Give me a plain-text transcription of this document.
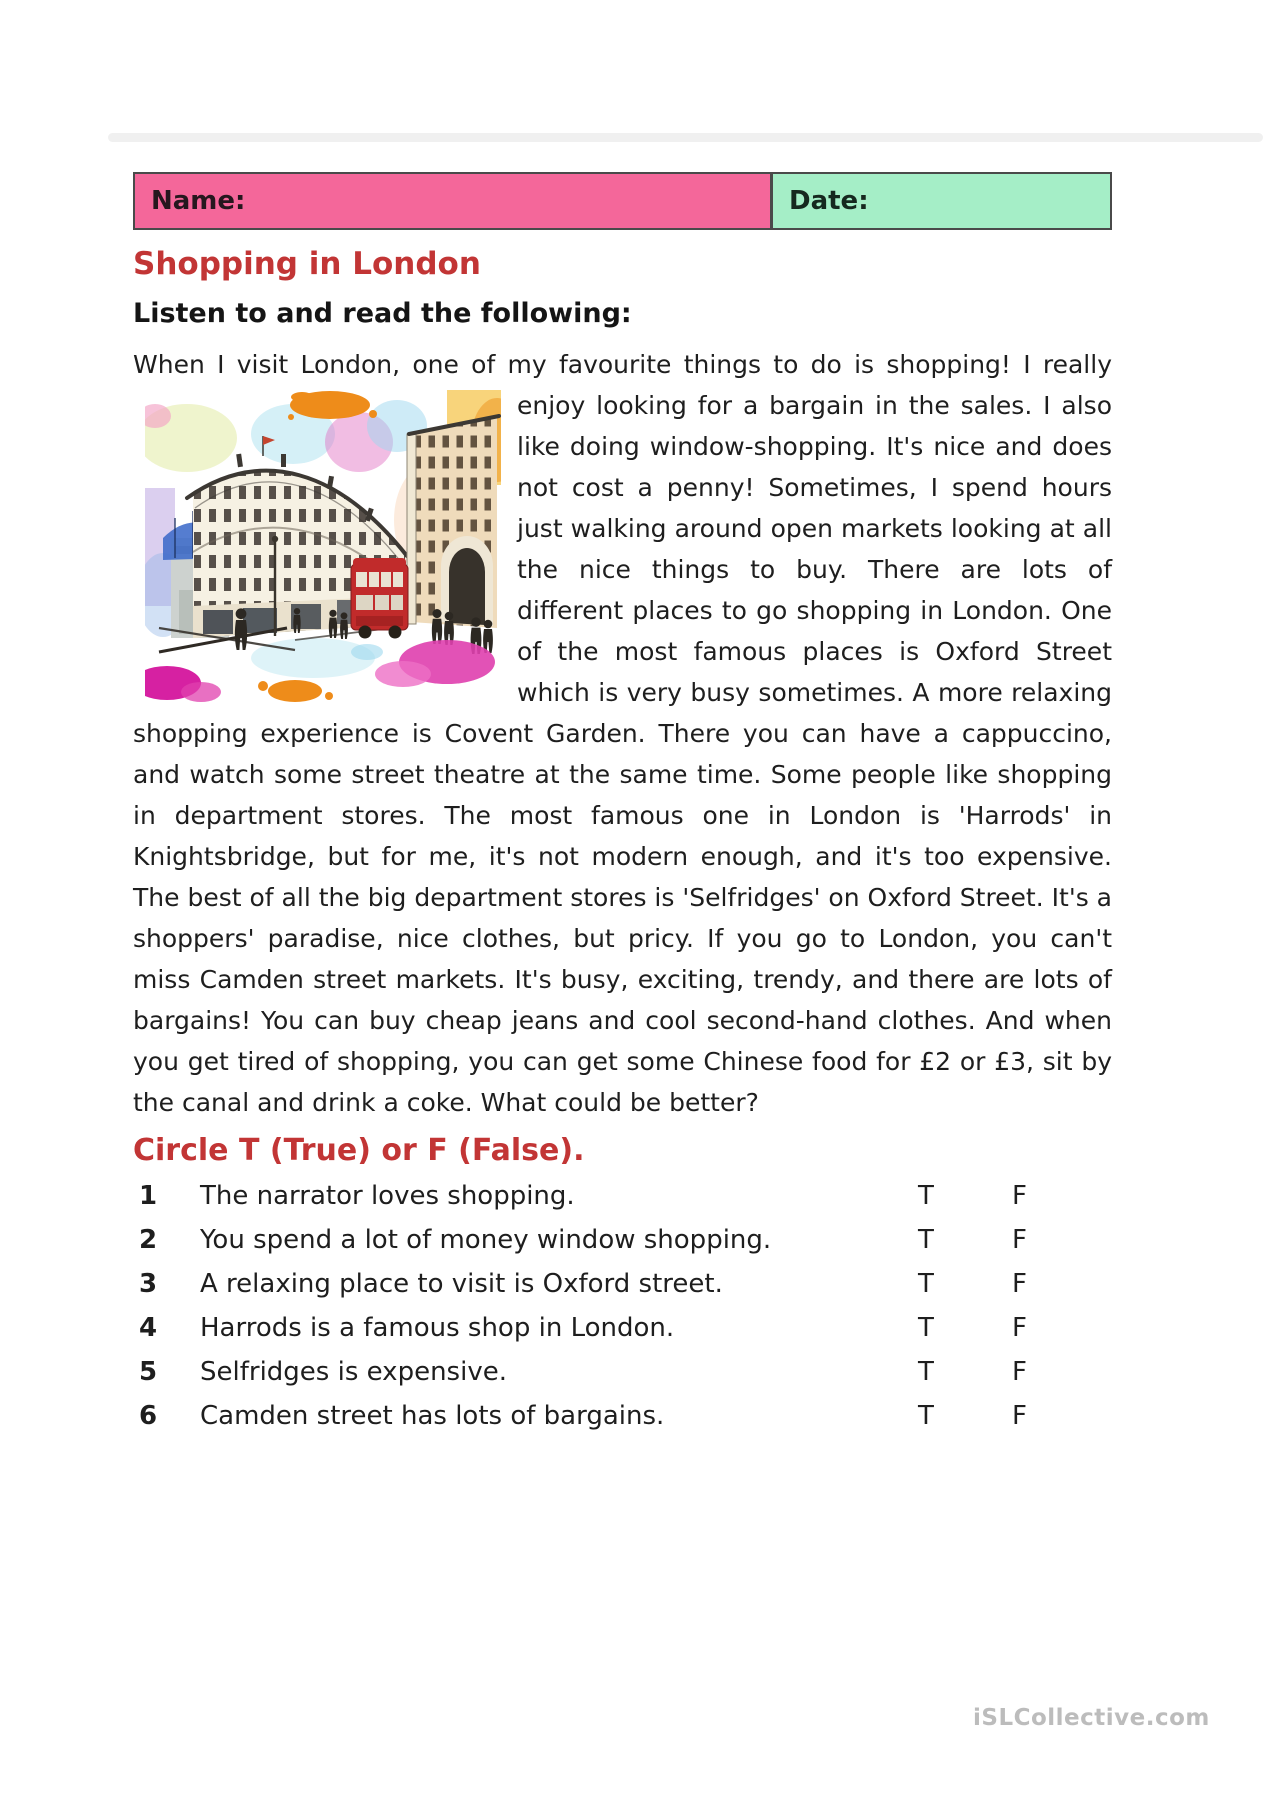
Name:	Date:
Shopping in London
Listen to and read the following:

When I visit London, one of my favourite things to do is shopping! I really enjoy looking for a bargain in the sales. I also like doing window-shopping. It's nice and does not cost a penny! Sometimes, I spend hours just walking around open markets looking at all the nice things to buy. There are lots of different places to go shopping in London. One of the most famous places is Oxford Street which is very busy sometimes. A more relaxing shopping experience is Covent Garden. There you can have a cappuccino, and watch some street theatre at the same time. Some people like shopping in department stores. The most famous one in London is 'Harrods' in Knightsbridge, but for me, it's not modern enough, and it's too expensive. The best of all the big department stores is 'Selfridges' on Oxford Street. It's a shoppers' paradise, nice clothes, but pricy. If you go to London, you can't miss Camden street markets. It's busy, exciting, trendy, and there are lots of bargains! You can buy cheap jeans and cool second-hand clothes. And when you get tired of shopping, you can get some Chinese food for £2 or £3, sit by the canal and drink a coke. What could be better?

Circle T (True) or F (False).
1	The narrator loves shopping.	T	F
2	You spend a lot of money window shopping.	T	F
3	A relaxing place to visit is Oxford street.	T	F
4	Harrods is a famous shop in London.	T	F
5	Selfridges is expensive.	T	F
6	Camden street has lots of bargains.	T	F
iSLCollective.com
